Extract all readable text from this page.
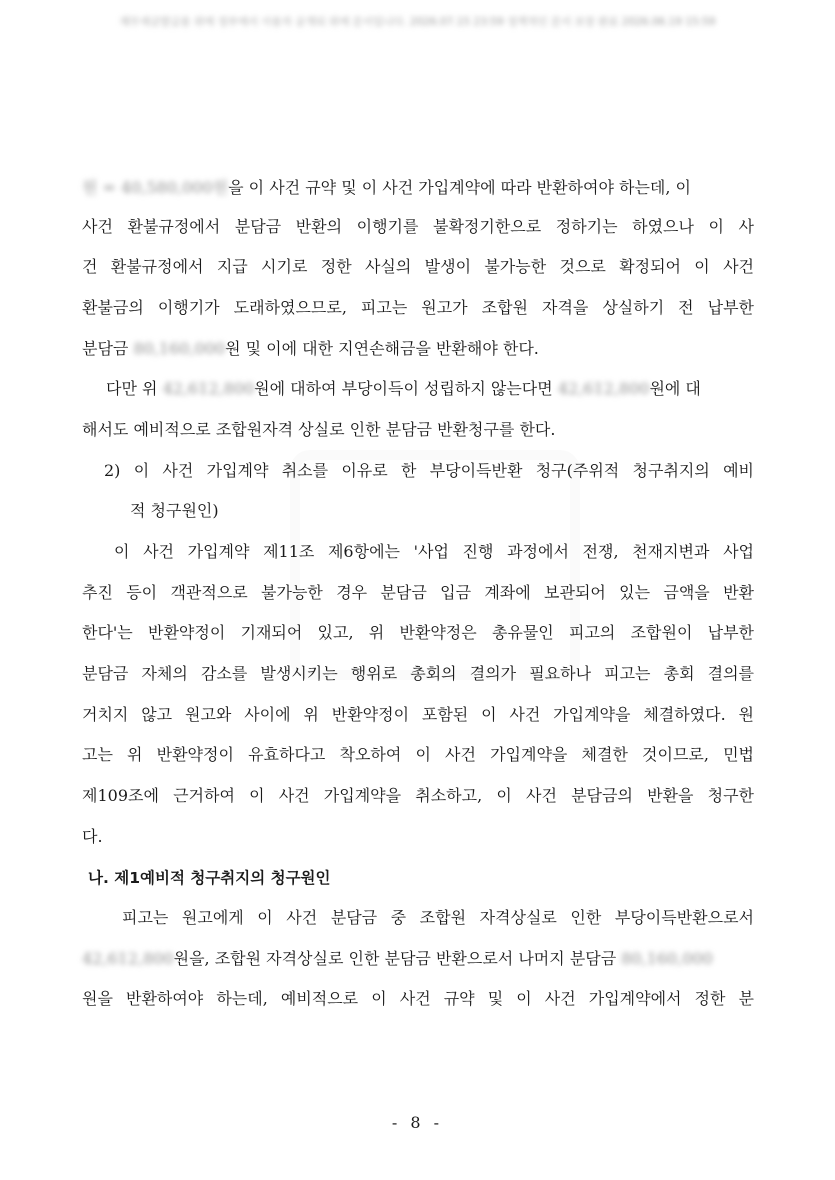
재무세금발급용 위에 정부에서 사용자 공개되 위에 문서입니다. 2026.07.15 23:59 정책적인 문서 보장 완료 2026.06.19 15:59
원 = 40,580,000원을 이 사건 규약 및 이 사건 가입계약에 따라 반환하여야 하는데, 이
사건 환불규정에서 분담금 반환의 이행기를 불확정기한으로 정하기는 하였으나 이 사
건 환불규정에서 지급 시기로 정한 사실의 발생이 불가능한 것으로 확정되어 이 사건
환불금의 이행기가 도래하였으므로, 피고는 원고가 조합원 자격을 상실하기 전 납부한
분담금 80,160,000원 및 이에 대한 지연손해금을 반환해야 한다.
다만 위 42,612,800원에 대하여 부당이득이 성립하지 않는다면 42,612,800원에 대
해서도 예비적으로 조합원자격 상실로 인한 분담금 반환청구를 한다.
2) 이 사건 가입계약 취소를 이유로 한 부당이득반환 청구(주위적 청구취지의 예비
적 청구원인)
이 사건 가입계약 제11조 제6항에는 '사업 진행 과정에서 전쟁, 천재지변과 사업
추진 등이 객관적으로 불가능한 경우 분담금 입금 계좌에 보관되어 있는 금액을 반환
한다'는 반환약정이 기재되어 있고, 위 반환약정은 총유물인 피고의 조합원이 납부한
분담금 자체의 감소를 발생시키는 행위로 총회의 결의가 필요하나 피고는 총회 결의를
거치지 않고 원고와 사이에 위 반환약정이 포함된 이 사건 가입계약을 체결하였다. 원
고는 위 반환약정이 유효하다고 착오하여 이 사건 가입계약을 체결한 것이므로, 민법
제109조에 근거하여 이 사건 가입계약을 취소하고, 이 사건 분담금의 반환을 청구한
다.
나. 제1예비적 청구취지의 청구원인
피고는 원고에게 이 사건 분담금 중 조합원 자격상실로 인한 부당이득반환으로서
42,612,800원을, 조합원 자격상실로 인한 분담금 반환으로서 나머지 분담금 80,160,000
원을 반환하여야 하는데, 예비적으로 이 사건 규약 및 이 사건 가입계약에서 정한 분
- 8 -
